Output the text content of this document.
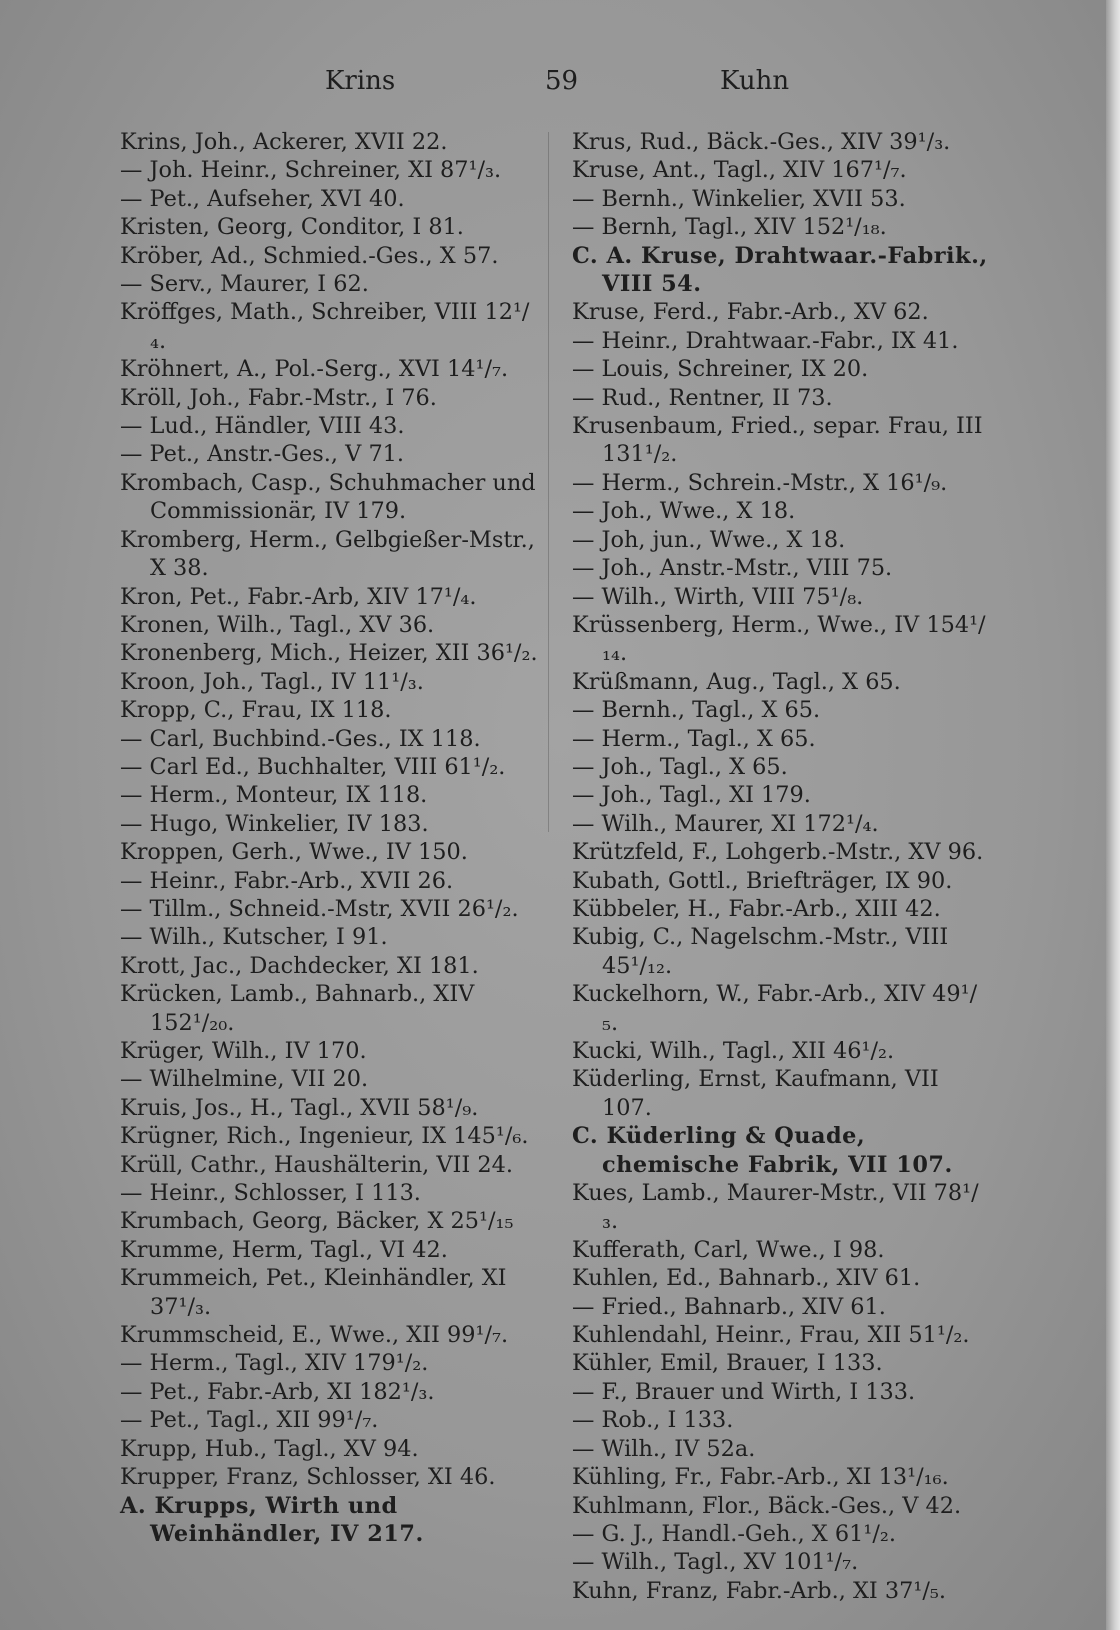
Krins	59	Kuhn
Krins, Joh., Ackerer, XVII 22.
— Joh. Heinr., Schreiner, XI 87¹/₃.
— Pet., Aufseher, XVI 40.
Kristen, Georg, Conditor, I 81.
Kröber, Ad., Schmied.-Ges., X 57.
— Serv., Maurer, I 62.
Kröffges, Math., Schreiber, VIII 12¹/₄.
Kröhnert, A., Pol.-Serg., XVI 14¹/₇.
Kröll, Joh., Fabr.-Mstr., I 76.
— Lud., Händler, VIII 43.
— Pet., Anstr.-Ges., V 71.
Krombach, Casp., Schuhmacher und Commissionär, IV 179.
Kromberg, Herm., Gelbgießer-Mstr., X 38.
Kron, Pet., Fabr.-Arb, XIV 17¹/₄.
Kronen, Wilh., Tagl., XV 36.
Kronenberg, Mich., Heizer, XII 36¹/₂.
Kroon, Joh., Tagl., IV 11¹/₃.
Kropp, C., Frau, IX 118.
— Carl, Buchbind.-Ges., IX 118.
— Carl Ed., Buchhalter, VIII 61¹/₂.
— Herm., Monteur, IX 118.
— Hugo, Winkelier, IV 183.
Kroppen, Gerh., Wwe., IV 150.
— Heinr., Fabr.-Arb., XVII 26.
— Tillm., Schneid.-Mstr, XVII 26¹/₂.
— Wilh., Kutscher, I 91.
Krott, Jac., Dachdecker, XI 181.
Krücken, Lamb., Bahnarb., XIV 152¹/₂₀.
Krüger, Wilh., IV 170.
— Wilhelmine, VII 20.
Kruis, Jos., H., Tagl., XVII 58¹/₉.
Krügner, Rich., Ingenieur, IX 145¹/₆.
Krüll, Cathr., Haushälterin, VII 24.
— Heinr., Schlosser, I 113.
Krumbach, Georg, Bäcker, X 25¹/₁₅
Krumme, Herm, Tagl., VI 42.
Krummeich, Pet., Kleinhändler, XI 37¹/₃.
Krummscheid, E., Wwe., XII 99¹/₇.
— Herm., Tagl., XIV 179¹/₂.
— Pet., Fabr.-Arb, XI 182¹/₃.
— Pet., Tagl., XII 99¹/₇.
Krupp, Hub., Tagl., XV 94.
Krupper, Franz, Schlosser, XI 46.
A. Krupps, Wirth und Weinhändler, IV 217.
Krus, Rud., Bäck.-Ges., XIV 39¹/₃.
Kruse, Ant., Tagl., XIV 167¹/₇.
— Bernh., Winkelier, XVII 53.
— Bernh, Tagl., XIV 152¹/₁₈.
C. A. Kruse, Drahtwaar.-Fabrik., VIII 54.
Kruse, Ferd., Fabr.-Arb., XV 62.
— Heinr., Drahtwaar.-Fabr., IX 41.
— Louis, Schreiner, IX 20.
— Rud., Rentner, II 73.
Krusenbaum, Fried., separ. Frau, III 131¹/₂.
— Herm., Schrein.-Mstr., X 16¹/₉.
— Joh., Wwe., X 18.
— Joh, jun., Wwe., X 18.
— Joh., Anstr.-Mstr., VIII 75.
— Wilh., Wirth, VIII 75¹/₈.
Krüssenberg, Herm., Wwe., IV 154¹/₁₄.
Krüßmann, Aug., Tagl., X 65.
— Bernh., Tagl., X 65.
— Herm., Tagl., X 65.
— Joh., Tagl., X 65.
— Joh., Tagl., XI 179.
— Wilh., Maurer, XI 172¹/₄.
Krützfeld, F., Lohgerb.-Mstr., XV 96.
Kubath, Gottl., Briefträger, IX 90.
Kübbeler, H., Fabr.-Arb., XIII 42.
Kubig, C., Nagelschm.-Mstr., VIII 45¹/₁₂.
Kuckelhorn, W., Fabr.-Arb., XIV 49¹/₅.
Kucki, Wilh., Tagl., XII 46¹/₂.
Küderling, Ernst, Kaufmann, VII 107.
C. Küderling & Quade, chemische Fabrik, VII 107.
Kues, Lamb., Maurer-Mstr., VII 78¹/₃.
Kufferath, Carl, Wwe., I 98.
Kuhlen, Ed., Bahnarb., XIV 61.
— Fried., Bahnarb., XIV 61.
Kuhlendahl, Heinr., Frau, XII 51¹/₂.
Kühler, Emil, Brauer, I 133.
— F., Brauer und Wirth, I 133.
— Rob., I 133.
— Wilh., IV 52a.
Kühling, Fr., Fabr.-Arb., XI 13¹/₁₆.
Kuhlmann, Flor., Bäck.-Ges., V 42.
— G. J., Handl.-Geh., X 61¹/₂.
— Wilh., Tagl., XV 101¹/₇.
Kuhn, Franz, Fabr.-Arb., XI 37¹/₅.
